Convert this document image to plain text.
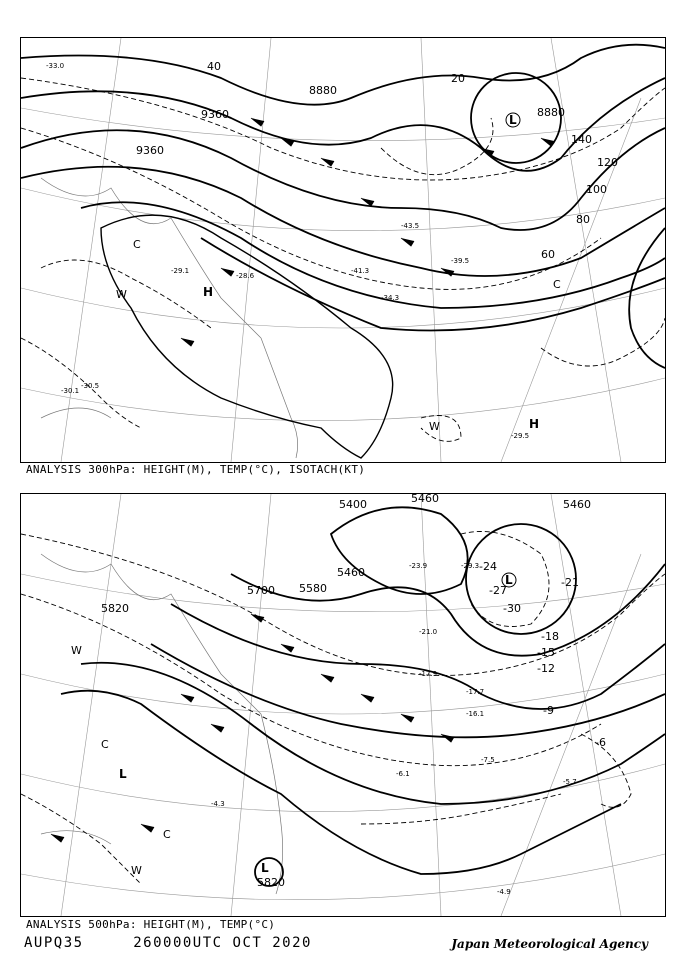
8880
8880
9360
9360
20
40
60
80
100
120
140
-33.0
-30.5
-41.3
-43.5
-39.5
-34.3
-29.1
-28.6
-30.1
-29.5
L
H
H
C
W
C
W
ANALYSIS 300hPa: HEIGHT(M), TEMP(°C), ISOTACH(KT)
5400
5460
5460
5580
5700
5820
5820
5460
-30
-27
-24
-21
-18
-15
-12
-9
-6
-29.3
-23.9
-21.0
-17.9
-17.7
-16.1
-7.5
-6.1
-5.7
-4.9
-4.3
L
L
L
W
C
C
W
ANALYSIS 500hPa: HEIGHT(M), TEMP(°C)
AUPQ35	260000UTC OCT 2020	Japan Meteorological Agency
